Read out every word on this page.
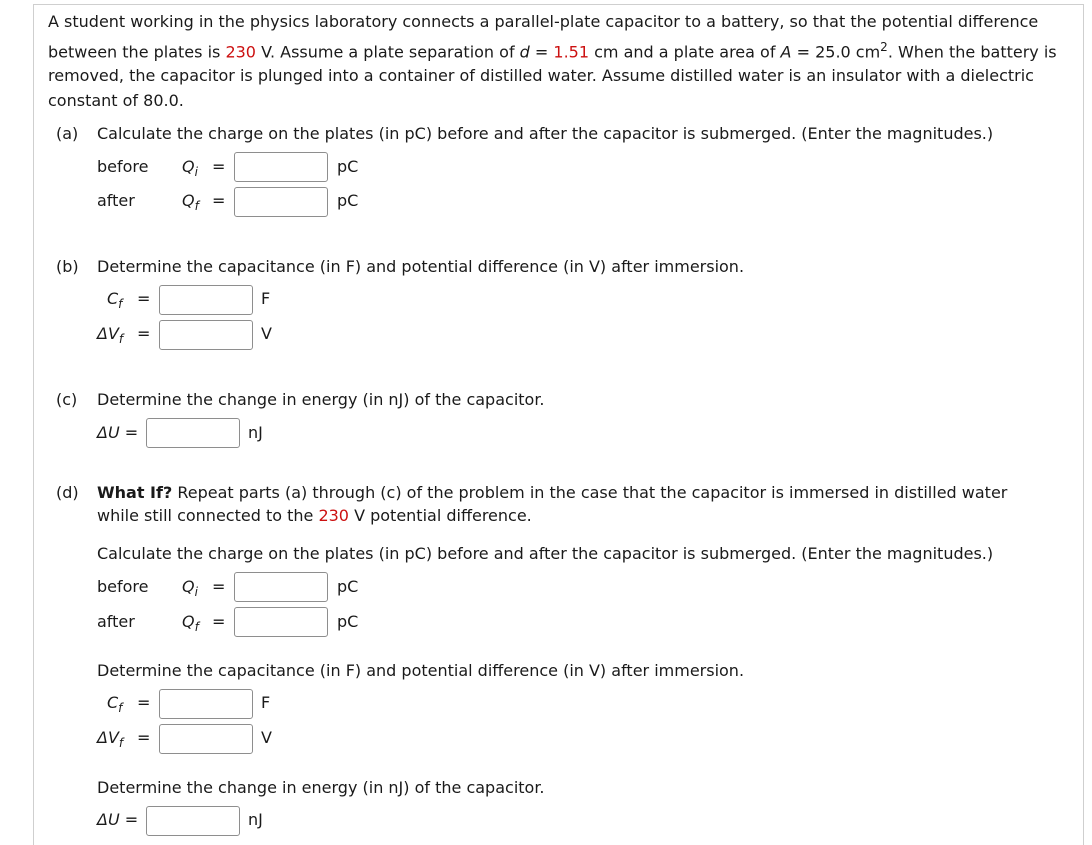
A student working in the physics laboratory connects a parallel-plate capacitor to a battery, so that the potential difference between the plates is 230 V. Assume a plate separation of d = 1.51 cm and a plate area of A = 25.0 $cm^2$. When the battery is removed, the capacitor is plunged into a container of distilled water. Assume distilled water is an insulator with a dielectric constant of 80.0.
(a) Calculate the charge on the plates (in pC) before and after the capacitor is submerged. (Enter the magnitudes.)
before $Q_i$ =	pC
after	$Q_f$ =	pC
(b) Determine the capacitance (in F) and potential difference (in V) after immersion.
$C_f$ =	F
$\Delta V_f$ =	V
(c) Determine the change in energy (in nJ) of the capacitor.
ΔU =	nJ
(d) What If? Repeat parts (a) through (c) of the problem in the case that the capacitor is immersed in distilled water
while still connected to the 230 V potential difference.
Calculate the charge on the plates (in pC) before and after the capacitor is submerged. (Enter the magnitudes.)
before $Q_i$ =	pC
after	$Q_f$ =	pC
Determine the capacitance (in F) and potential difference (in V) after immersion.
$C_f$ =	F
$\Delta V_f$ =	V
Determine the change in energy (in nJ) of the capacitor.
ΔU =	nJ
